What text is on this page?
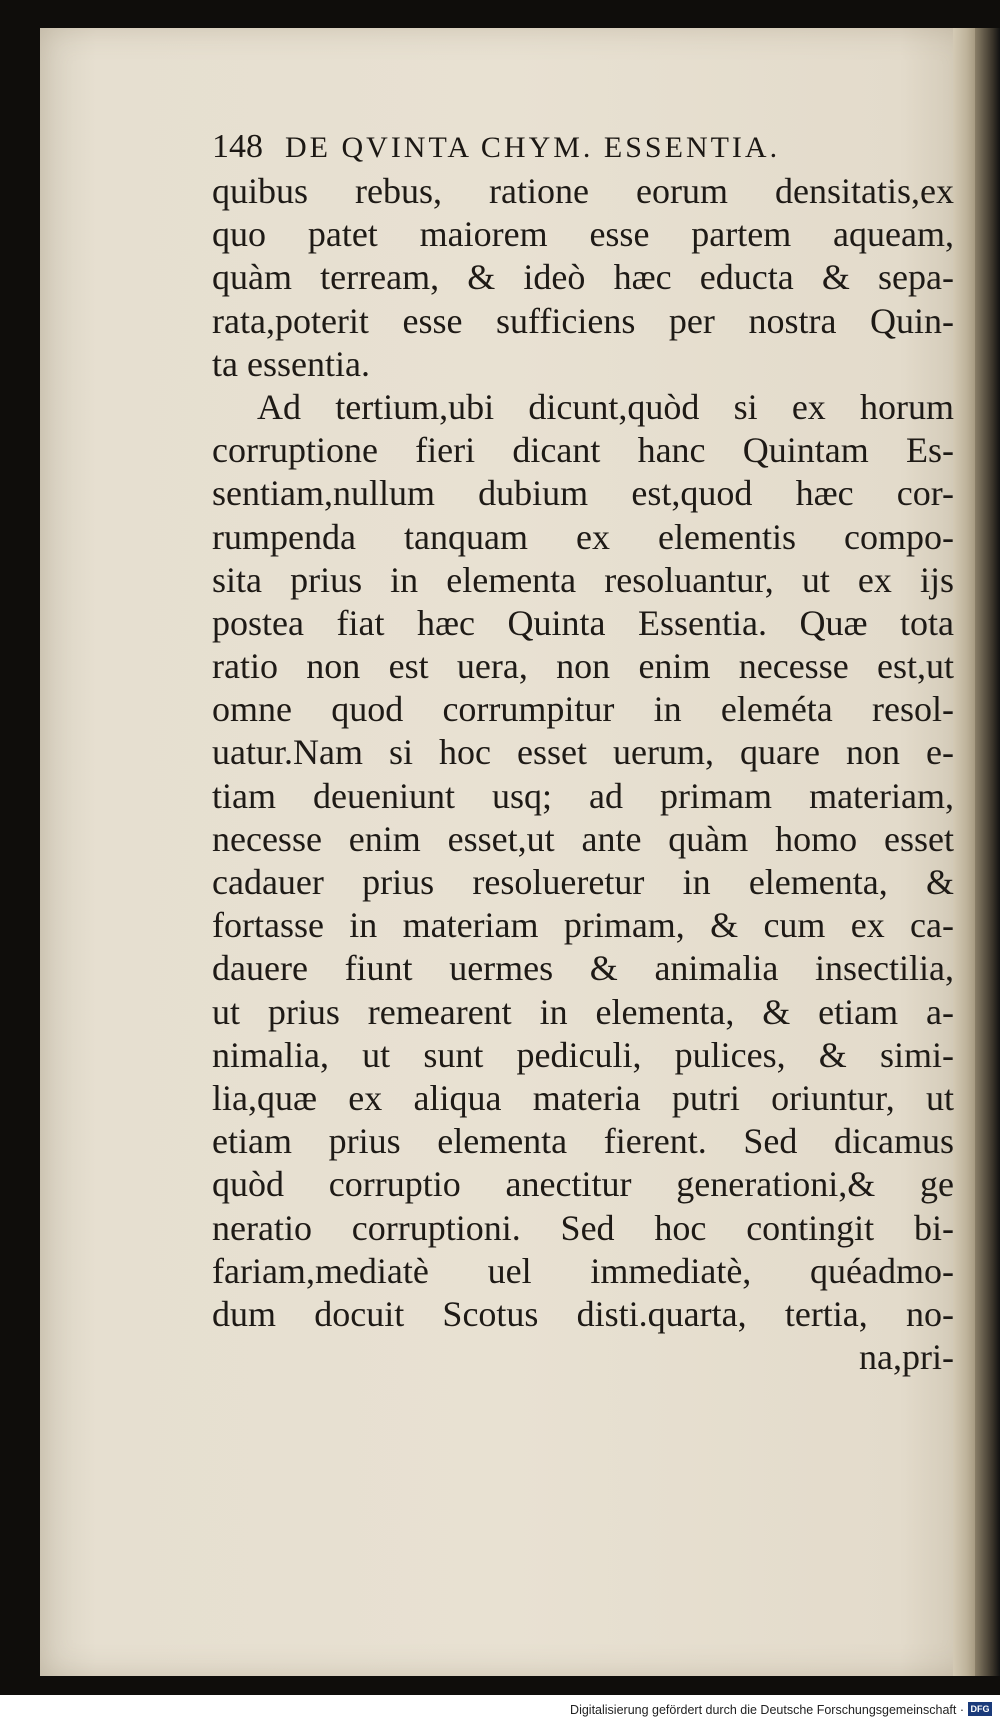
148 DE QVINTA CHYM. ESSENTIA.
quibus rebus, ratione eorum densitatis,ex
quo patet maiorem esse partem aqueam,
quàm terream, & ideò hæc educta & sepa-
rata,poterit esse sufficiens per nostra Quin-
ta essentia.
Ad tertium,ubi dicunt,quòd si ex horum
corruptione fieri dicant hanc Quintam Es-
sentiam,nullum dubium est,quod hæc cor-
rumpenda tanquam ex elementis compo-
sita prius in elementa resoluantur, ut ex ijs
postea fiat hæc Quinta Essentia. Quæ tota
ratio non est uera, non enim necesse est,ut
omne quod corrumpitur in eleméta resol-
uatur.Nam si hoc esset uerum, quare non e-
tiam deueniunt usq; ad primam materiam,
necesse enim esset,ut ante quàm homo esset
cadauer prius resolueretur in elementa, &
fortasse in materiam primam, & cum ex ca-
dauere fiunt uermes & animalia insectilia,
ut prius remearent in elementa, & etiam a-
nimalia, ut sunt pediculi, pulices, & simi-
lia,quæ ex aliqua materia putri oriuntur, ut
etiam prius elementa fierent. Sed dicamus
quòd corruptio anectitur generationi,& ge
neratio corruptioni. Sed hoc contingit bi-
fariam,mediatè uel immediatè, quéadmo-
dum docuit Scotus disti.quarta, tertia, no-
na,pri-
Digitalisierung gefördert durch die Deutsche Forschungsgemeinschaft · DFG
